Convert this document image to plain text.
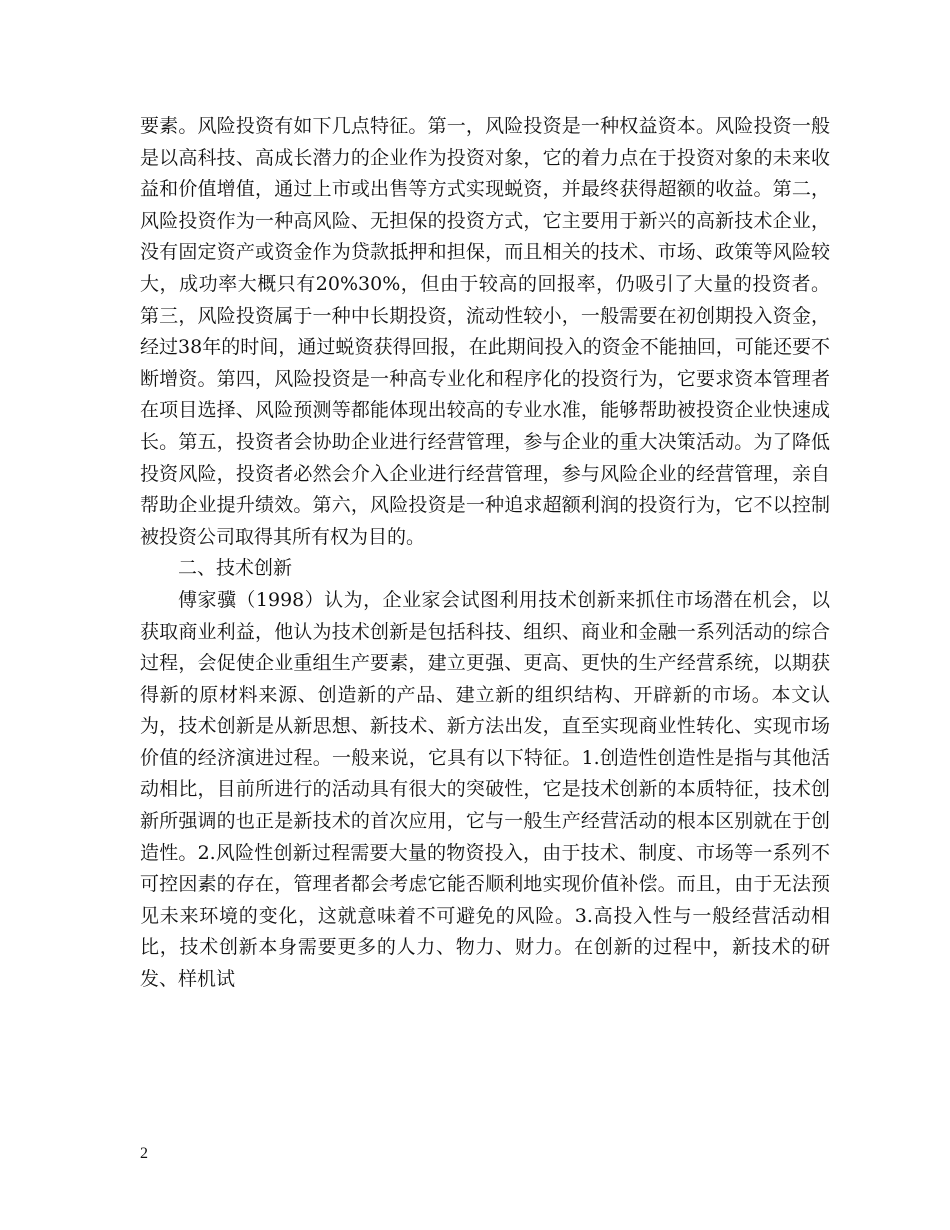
要素。风险投资有如下几点特征。第一，风险投资是一种权益资本。风险投资一般是以高科技、高成长潜力的企业作为投资对象，它的着力点在于投资对象的未来收益和价值增值，通过上市或出售等方式实现蜕资，并最终获得超额的收益。第二，风险投资作为一种高风险、无担保的投资方式，它主要用于新兴的高新技术企业，没有固定资产或资金作为贷款抵押和担保，而且相关的技术、市场、政策等风险较大，成功率大概只有20%30%，但由于较高的回报率，仍吸引了大量的投资者。第三，风险投资属于一种中长期投资，流动性较小，一般需要在初创期投入资金，经过38年的时间，通过蜕资获得回报，在此期间投入的资金不能抽回，可能还要不断增资。第四，风险投资是一种高专业化和程序化的投资行为，它要求资本管理者在项目选择、风险预测等都能体现出较高的专业水准，能够帮助被投资企业快速成长。第五，投资者会协助企业进行经营管理，参与企业的重大决策活动。为了降低投资风险，投资者必然会介入企业进行经营管理，参与风险企业的经营管理，亲自帮助企业提升绩效。第六，风险投资是一种追求超额利润的投资行为，它不以控制被投资公司取得其所有权为目的。

二、技术创新

傅家骥（1998）认为，企业家会试图利用技术创新来抓住市场潜在机会，以获取商业利益，他认为技术创新是包括科技、组织、商业和金融一系列活动的综合过程，会促使企业重组生产要素，建立更强、更高、更快的生产经营系统，以期获得新的原材料来源、创造新的产品、建立新的组织结构、开辟新的市场。本文认为，技术创新是从新思想、新技术、新方法出发，直至实现商业性转化、实现市场价值的经济演进过程。一般来说，它具有以下特征。1.创造性创造性是指与其他活动相比，目前所进行的活动具有很大的突破性，它是技术创新的本质特征，技术创新所强调的也正是新技术的首次应用，它与一般生产经营活动的根本区别就在于创造性。2.风险性创新过程需要大量的物资投入，由于技术、制度、市场等一系列不可控因素的存在，管理者都会考虑它能否顺利地实现价值补偿。而且，由于无法预见未来环境的变化，这就意味着不可避免的风险。3.高投入性与一般经营活动相比，技术创新本身需要更多的人力、物力、财力。在创新的过程中，新技术的研发、样机试

2
